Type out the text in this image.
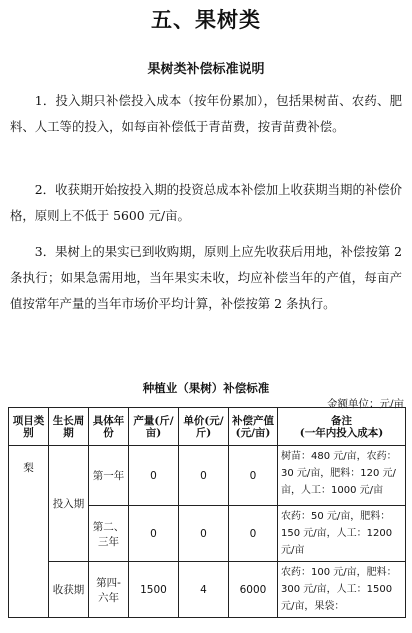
五、果树类
果树类补偿标准说明

1．投入期只补偿投入成本（按年份累加），包括果树苗、农药、肥料、人工等的投入，如每亩补偿低于青苗费，按青苗费补偿。

2．收获期开始按投入期的投资总成本补偿加上收获期当期的补偿价格，原则上不低于 5600 元/亩。

3．果树上的果实已到收购期，原则上应先收获后用地，补偿按第 2 条执行；如果急需用地，当年果实未收，均应补偿当年的产值，每亩产值按常年产量的当年市场价平均计算，补偿按第 2 条执行。

种植业（果树）补偿标准
金额单位：元/亩
项目类别	生长周期	具体年份	产量(斤/亩)	单价(元/斤)	补偿产值(元/亩)	备注
(一年内投入成本)

梨	投入期	第一年	0	0	0	树苗：480 元/亩，农药：30 元/亩，肥料：120 元/亩，人工：1000 元/亩
		第二、三年	0	0	0	农药：50 元/亩，肥料：150 元/亩，人工：1200 元/亩
	收获期	第四-六年	1500	4	6000	农药：100 元/亩，肥料：300 元/亩，人工：1500 元/亩，果袋：
